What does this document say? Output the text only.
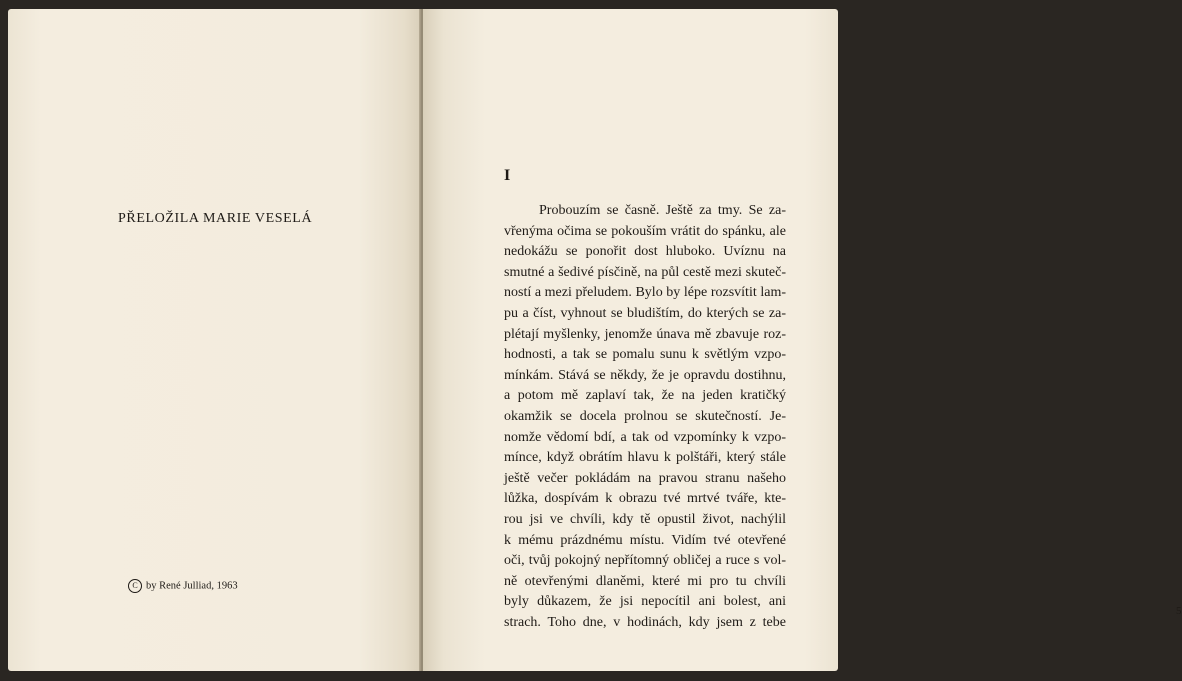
PŘELOŽILA MARIE VESELÁ
C by René Julliad, 1963
I

Probouzím se časně. Ještě za tmy. Se za-
vřenýma očima se pokouším vrátit do spánku, ale
nedokážu se ponořit dost hluboko. Uvíznu na
smutné a šedivé písčině, na půl cestě mezi skuteč-
ností a mezi přeludem. Bylo by lépe rozsvítit lam-
pu a číst, vyhnout se bludištím, do kterých se za-
plétají myšlenky, jenomže únava mě zbavuje roz-
hodnosti, a tak se pomalu sunu k světlým vzpo-
mínkám. Stává se někdy, že je opravdu dostihnu,
a potom mě zaplaví tak, že na jeden kratičký
okamžik se docela prolnou se skutečností. Je-
nomže vědomí bdí, a tak od vzpomínky k vzpo-
mínce, když obrátím hlavu k polštáři, který stále
ještě večer pokládám na pravou stranu našeho
lůžka, dospívám k obrazu tvé mrtvé tváře, kte-
rou jsi ve chvíli, kdy tě opustil život, nachýlil
k mému prázdnému místu. Vidím tvé otevřené
oči, tvůj pokojný nepřítomný obličej a ruce s vol-
ně otevřenými dlaněmi, které mi pro tu chvíli
byly důkazem, že jsi nepocítil ani bolest, ani
strach. Toho dne, v hodinách, kdy jsem z tebe

5
